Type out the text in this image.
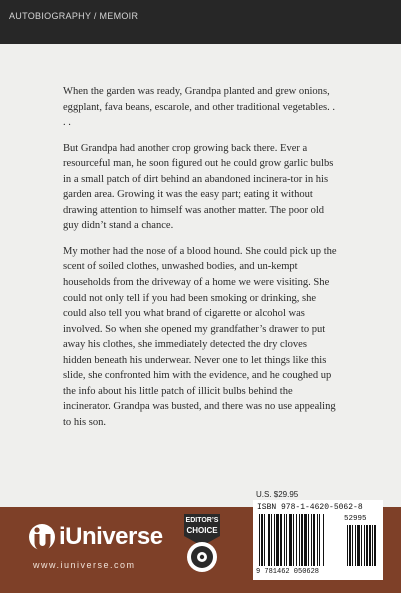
AUTOBIOGRAPHY / MEMOIR

When the garden was ready, Grandpa planted and grew onions, eggplant, fava beans, escarole, and other traditional vegetables. . . .

But Grandpa had another crop growing back there. Ever a resourceful man, he soon figured out he could grow garlic bulbs in a small patch of dirt behind an abandoned incinera-tor in his garden area. Growing it was the easy part; eating it without drawing attention to himself was another matter. The poor old guy didn’t stand a chance.

My mother had the nose of a blood hound. She could pick up the scent of soiled clothes, unwashed bodies, and un-kempt households from the driveway of a home we were visiting. She could not only tell if you had been smoking or drinking, she could also tell you what brand of cigarette or alcohol was involved. So when she opened my grandfather’s drawer to put away his clothes, she immediately detected the dry cloves hidden beneath his underwear. Never one to let things like this slide, she confronted him with the evidence, and he coughed up the info about his little patch of illicit bulbs behind the incinerator. Grandpa was busted, and there was no use appealing to his son.

U.S. $29.95
iUniverse
www.iuniverse.com
EDITOR’S
CHOICE
ISBN 978-1-4620-5062-8
52995
9 781462 050628
